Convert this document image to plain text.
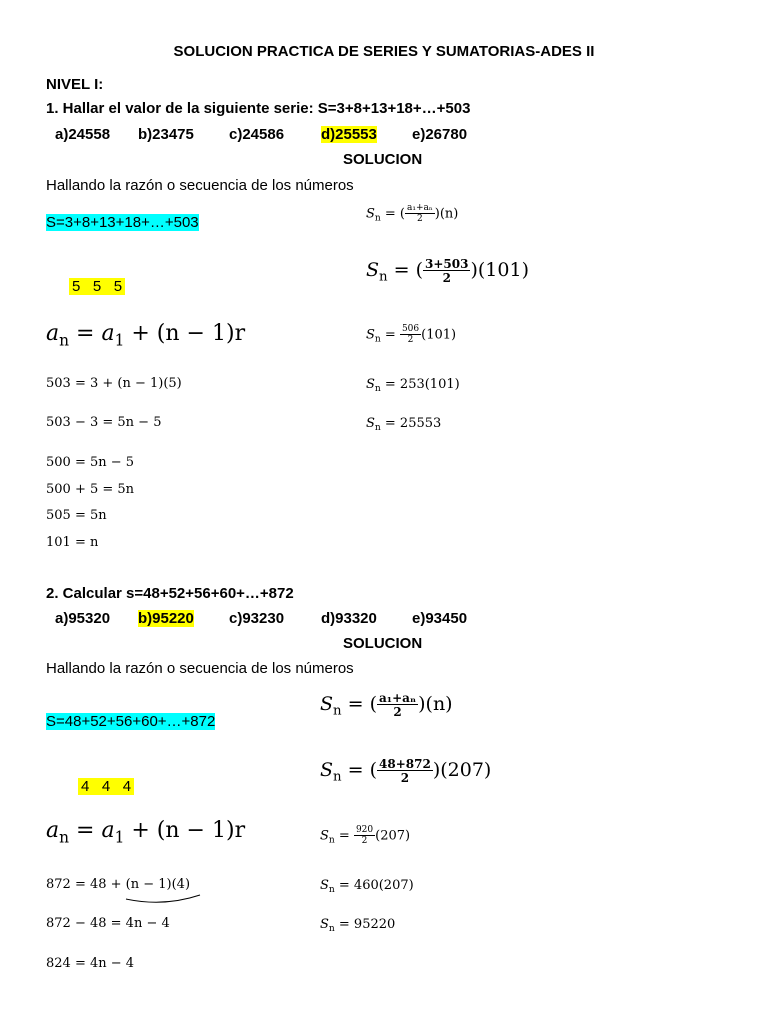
SOLUCION PRACTICA DE SERIES Y SUMATORIAS-ADES II
NIVEL I:
1. Hallar el valor de la siguiente serie: S=3+8+13+18+…+503
a)24558 b)23475 c)24586 d)25553 e)26780
SOLUCION
Hallando la razón o secuencia de los números
S=3+8+13+18+…+503
5   5   5
$a_n = a_1 + (n - 1)r$
503 = 3 + (n − 1)(5)
503 − 3 = 5n − 5
500 = 5n − 5
500 + 5 = 5n
505 = 5n
101 = n
$S_n$ = ( $\frac{\text{a₁+aₙ}}{2} )(n)$
$S_n$ = ( $\frac{3+503}{2} )(101)$
$S_n = \frac{506}{2} (101)$
$S_n = 253(101)$
$S_n = 25553$
2. Calcular s=48+52+56+60+…+872
a)95320 b)95220 c)93230 d)93320 e)93450
SOLUCION
Hallando la razón o secuencia de los números
S=48+52+56+60+…+872
4   4   4
$a_n = a_1 + (n - 1)r$
872 = 48 + (n − 1)(4)
872 − 48 = 4n − 4
824 = 4n − 4
$S_n$ = ( $\frac{\text{a₁+aₙ}}{2} )(n)$
$S_n$ = ( $\frac{48+872}{2} )(207)$
$S_n = \frac{920}{2} (207)$
$S_n = 460(207)$
$S_n = 95220$
